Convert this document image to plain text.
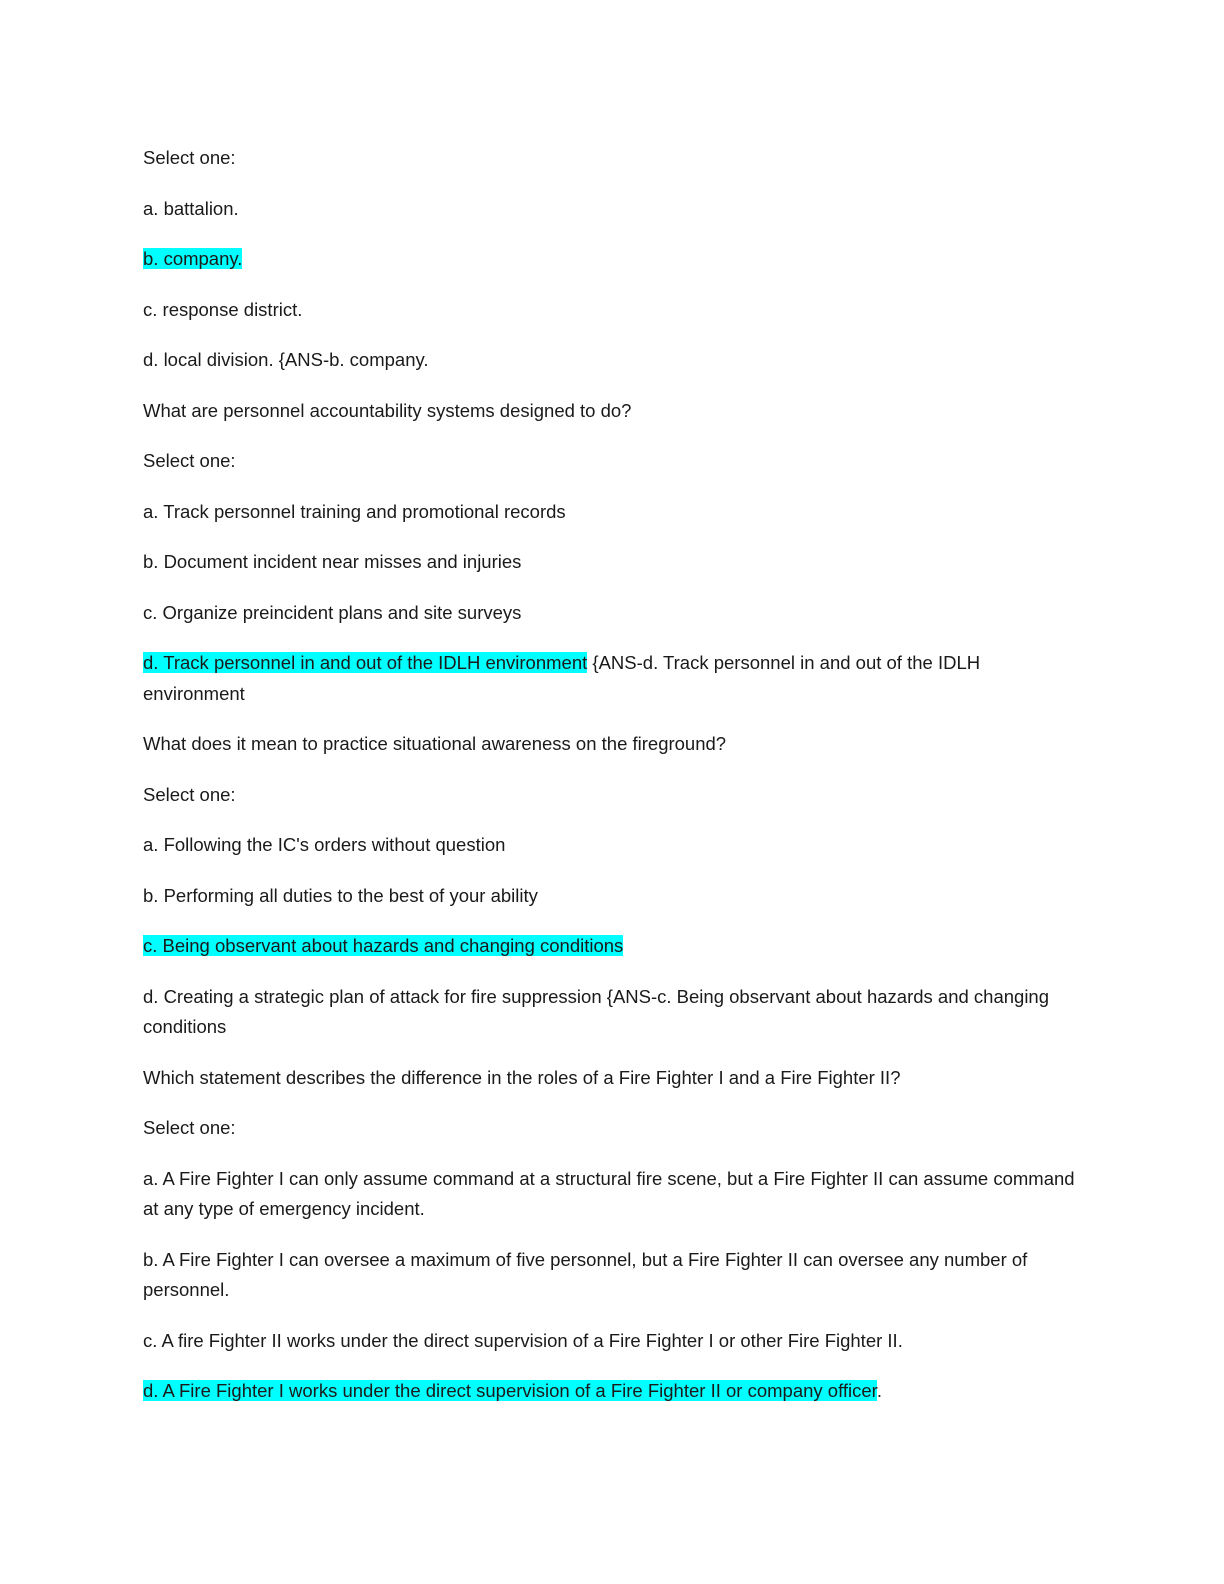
Select one:

a. battalion.

b. company.

c. response district.

d. local division. {ANS-b. company.

What are personnel accountability systems designed to do?

Select one:

a. Track personnel training and promotional records

b. Document incident near misses and injuries

c. Organize preincident plans and site surveys

d. Track personnel in and out of the IDLH environment {ANS-d. Track personnel in and out of the IDLH environment

What does it mean to practice situational awareness on the fireground?

Select one:

a. Following the IC's orders without question

b. Performing all duties to the best of your ability

c. Being observant about hazards and changing conditions

d. Creating a strategic plan of attack for fire suppression {ANS-c. Being observant about hazards and changing conditions

Which statement describes the difference in the roles of a Fire Fighter I and a Fire Fighter II?

Select one:

a. A Fire Fighter I can only assume command at a structural fire scene, but a Fire Fighter II can assume command at any type of emergency incident.

b. A Fire Fighter I can oversee a maximum of five personnel, but a Fire Fighter II can oversee any number of personnel.

c. A fire Fighter II works under the direct supervision of a Fire Fighter I or other Fire Fighter II.

d. A Fire Fighter I works under the direct supervision of a Fire Fighter II or company officer.
